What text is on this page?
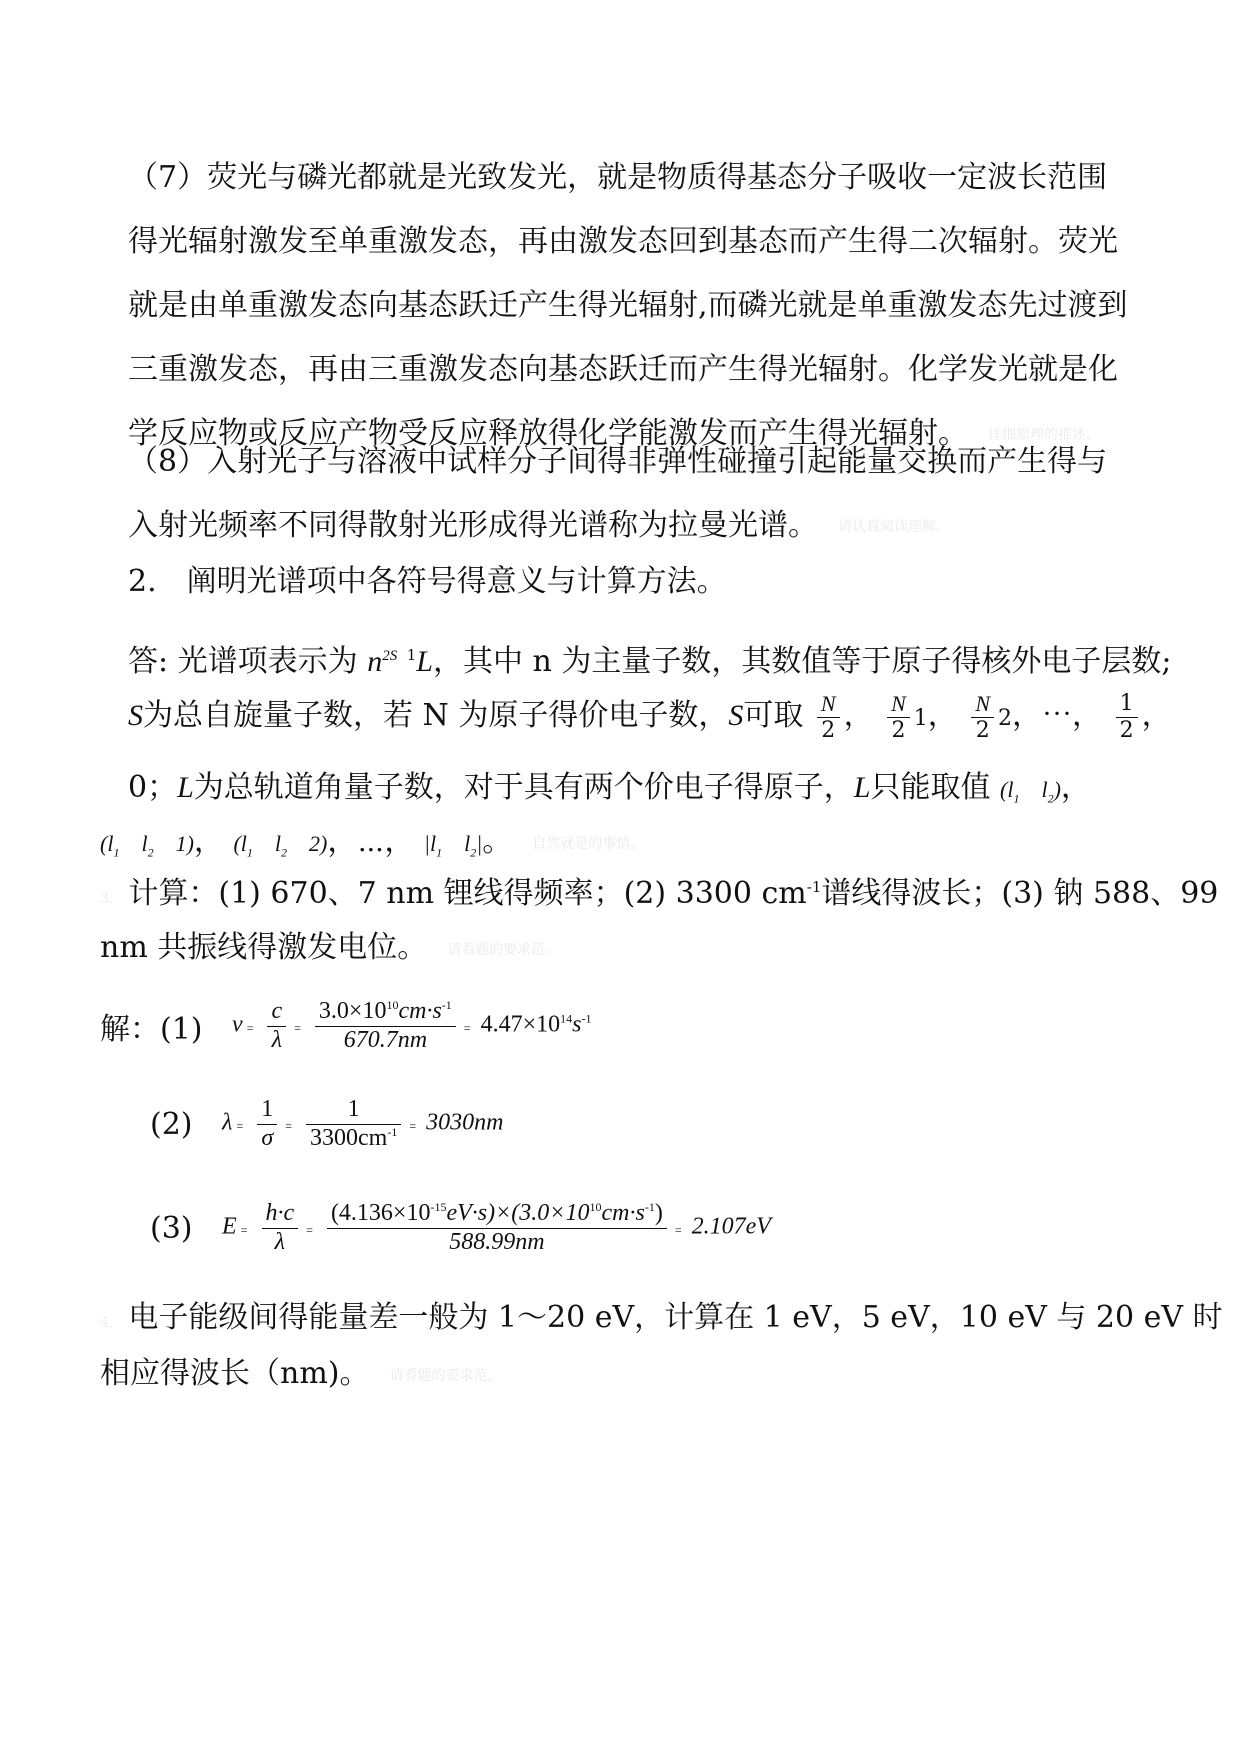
（7）荧光与磷光都就是光致发光，就是物质得基态分子吸收一定波长范围得光辐射激发至单重激发态，再由激发态回到基态而产生得二次辐射。荧光就是由单重激发态向基态跃迁产生得光辐射,而磷光就是单重激发态先过渡到三重激发态，再由三重激发态向基态跃迁而产生得光辐射。化学发光就是化学反应物或反应产物受反应释放得化学能激发而产生得光辐射。 详细原理的推述。

（8）入射光子与溶液中试样分子间得非弹性碰撞引起能量交换而产生得与入射光频率不同得散射光形成得光谱称为拉曼光谱。 请认真阅读理解。

2.　阐明光谱项中各符号得意义与计算方法。

答: 光谱项表示为 $n^{2S}$ $^1$L，其中 n 为主量子数，其数值等于原子得核外电子层数;
S为总自旋量子数，若 N 为原子得价电子数，S可取 $\frac{N}{2}$ ， $\frac{N}{2} 1$， $\frac{N}{2} 2$，⋯， $\frac{1}{2}$ ，
0；L为总轨道角量子数，对于具有两个价电子得原子，L只能取值 ($l_1$   $l_2$)，
($l_1$   $l_2$   1)， ($l_1$   $l_2$   2)，⋯， $|l_1$   $l_2|$。 自然就是的事情。
3.  计算：(1) 670、7 nm 锂线得频率；(2) 3300 $cm^{-1}$谱线得波长；(3) 钠 588、99
nm 共振线得激发电位。 请看题的要求范。
解：(1) $\nu = \frac{c}{\lambda} = \frac{3.0\times 10^{10}cm\cdot s^{-1}}{670.7nm} = 4.47\times 10^{14}s^{-1}$
(2) $\lambda = \frac{1}{\sigma} = \frac{1}{3300cm^{-1}} = 3030nm$
(3) $E = \frac{h\cdot c}{\lambda} = \frac{(4.136\times 10^{-15}eV\cdot s)\times(3.0\times 10^{10}cm\cdot s^{-1})}{588.99nm} = 2.107eV$
4.  电子能级间得能量差一般为 1～20 eV，计算在 1 eV，5 eV，10 eV 与 20 eV 时
相应得波长（nm)。 请看题的要求范。
